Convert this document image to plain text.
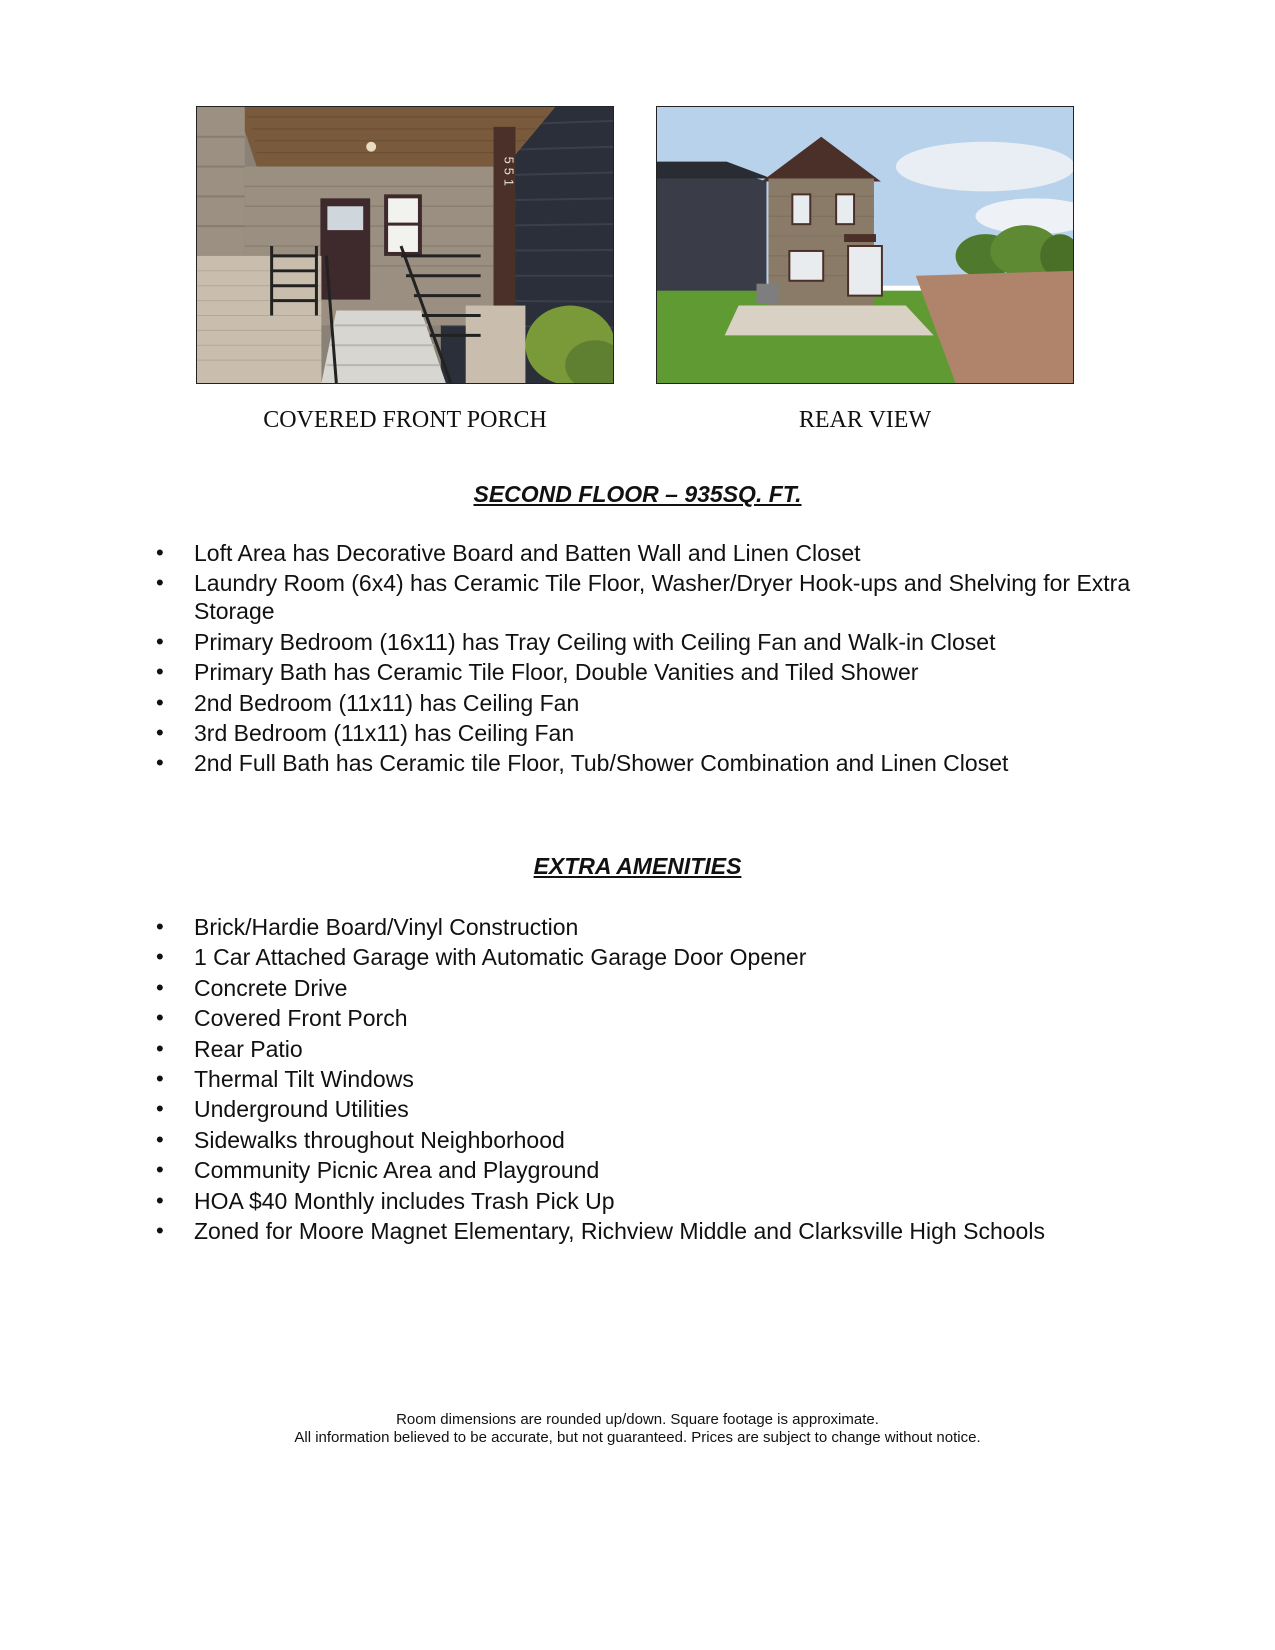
551

COVERED FRONT PORCH	REAR VIEW

SECOND FLOOR – 935SQ. FT.
• Loft Area has Decorative Board and Batten Wall and Linen Closet
• Laundry Room (6x4) has Ceramic Tile Floor, Washer/Dryer Hook-ups and Shelving for Extra Storage
• Primary Bedroom (16x11) has Tray Ceiling with Ceiling Fan and Walk-in Closet
• Primary Bath has Ceramic Tile Floor, Double Vanities and Tiled Shower
• 2nd Bedroom (11x11) has Ceiling Fan
• 3rd Bedroom (11x11) has Ceiling Fan
• 2nd Full Bath has Ceramic tile Floor, Tub/Shower Combination and Linen Closet
EXTRA AMENITIES
• Brick/Hardie Board/Vinyl Construction
• 1 Car Attached Garage with Automatic Garage Door Opener
• Concrete Drive
• Covered Front Porch
• Rear Patio
• Thermal Tilt Windows
• Underground Utilities
• Sidewalks throughout Neighborhood
• Community Picnic Area and Playground
• HOA $40 Monthly includes Trash Pick Up
• Zoned for Moore Magnet Elementary, Richview Middle and Clarksville High Schools

Room dimensions are rounded up/down. Square footage is approximate.

All information believed to be accurate, but not guaranteed. Prices are subject to change without notice.
